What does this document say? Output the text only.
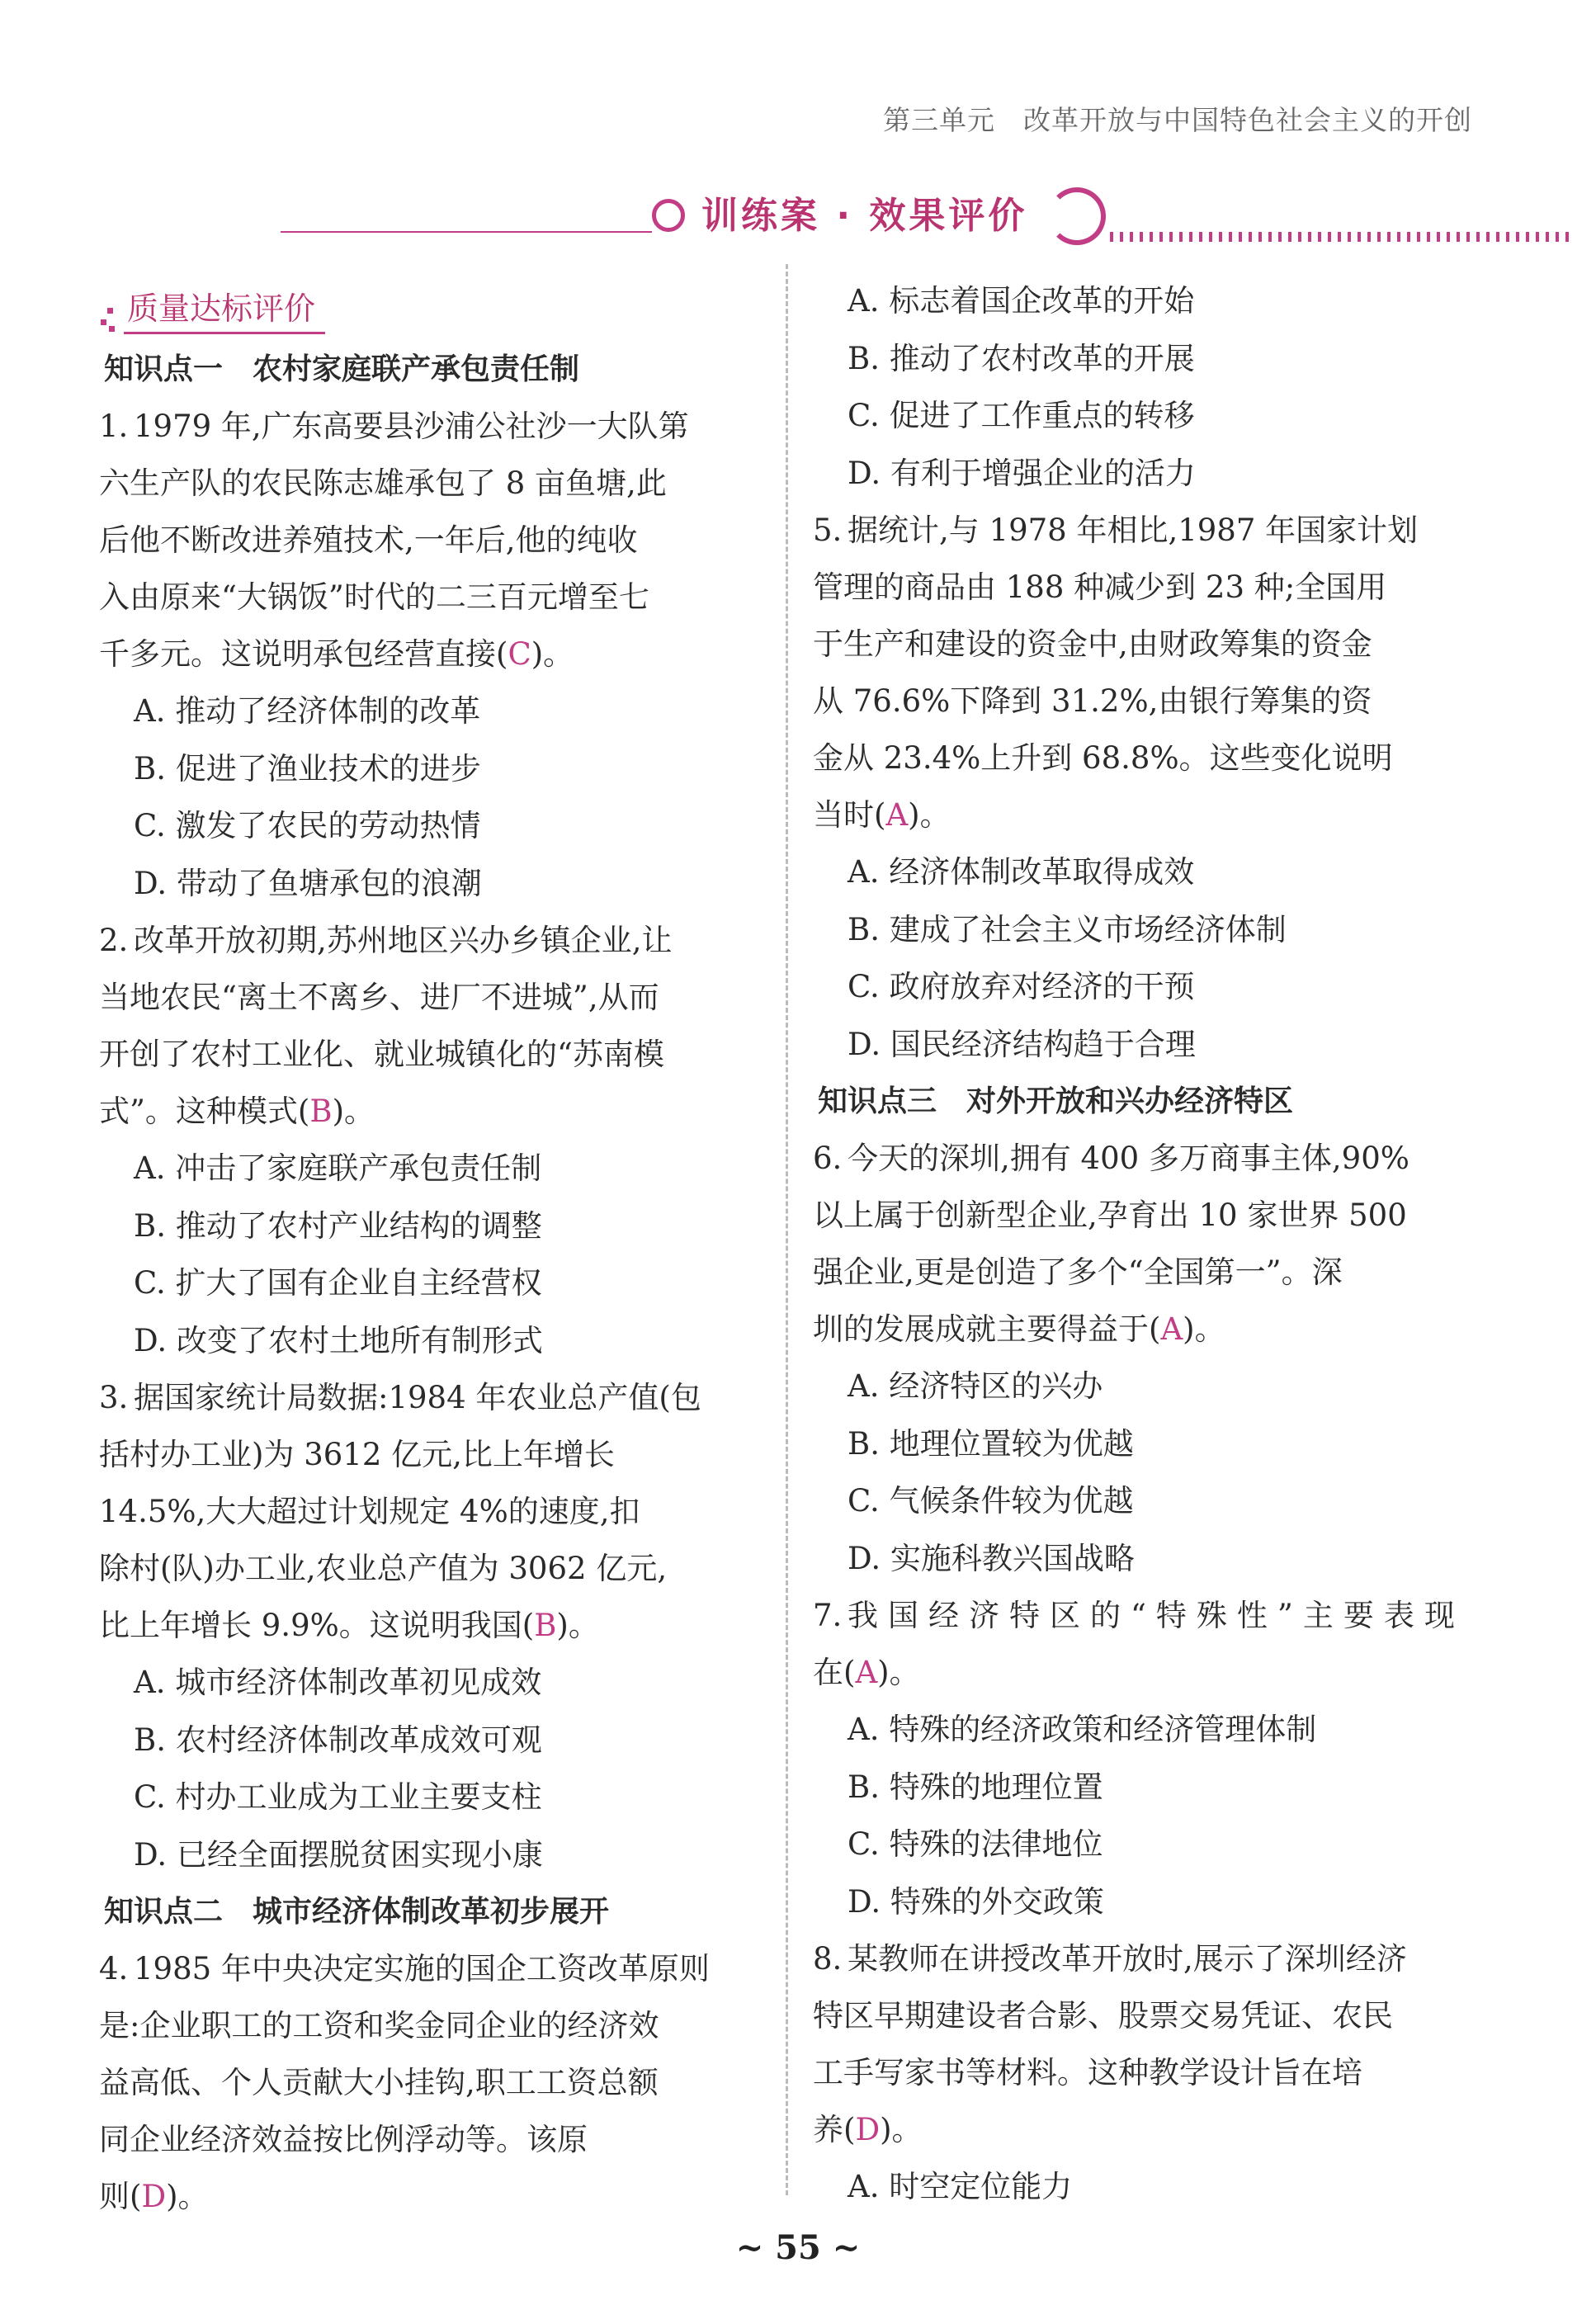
第三单元　改革开放与中国特色社会主义的开创
训练案 · 效果评价
质量达标评价
知识点一　农村家庭联产承包责任制
1. 1979 年,广东高要县沙浦公社沙一大队第
六生产队的农民陈志雄承包了 8 亩鱼塘,此
后他不断改进养殖技术,一年后,他的纯收
入由原来“大锅饭”时代的二三百元增至七
千多元。这说明承包经营直接(C)。
A. 推动了经济体制的改革
B. 促进了渔业技术的进步
C. 激发了农民的劳动热情
D. 带动了鱼塘承包的浪潮
2. 改革开放初期,苏州地区兴办乡镇企业,让
当地农民“离土不离乡、进厂不进城”,从而
开创了农村工业化、就业城镇化的“苏南模
式”。这种模式(B)。
A. 冲击了家庭联产承包责任制
B. 推动了农村产业结构的调整
C. 扩大了国有企业自主经营权
D. 改变了农村土地所有制形式
3. 据国家统计局数据:1984 年农业总产值(包
括村办工业)为 3612 亿元,比上年增长
14.5%,大大超过计划规定 4%的速度,扣
除村(队)办工业,农业总产值为 3062 亿元,
比上年增长 9.9%。这说明我国(B)。
A. 城市经济体制改革初见成效
B. 农村经济体制改革成效可观
C. 村办工业成为工业主要支柱
D. 已经全面摆脱贫困实现小康
知识点二　城市经济体制改革初步展开
4. 1985 年中央决定实施的国企工资改革原则
是:企业职工的工资和奖金同企业的经济效
益高低、个人贡献大小挂钩,职工工资总额
同企业经济效益按比例浮动等。该原
则(D)。
A. 标志着国企改革的开始
B. 推动了农村改革的开展
C. 促进了工作重点的转移
D. 有利于增强企业的活力
5. 据统计,与 1978 年相比,1987 年国家计划
管理的商品由 188 种减少到 23 种;全国用
于生产和建设的资金中,由财政筹集的资金
从 76.6%下降到 31.2%,由银行筹集的资
金从 23.4%上升到 68.8%。这些变化说明
当时(A)。
A. 经济体制改革取得成效
B. 建成了社会主义市场经济体制
C. 政府放弃对经济的干预
D. 国民经济结构趋于合理
知识点三　对外开放和兴办经济特区
6. 今天的深圳,拥有 400 多万商事主体,90%
以上属于创新型企业,孕育出 10 家世界 500
强企业,更是创造了多个“全国第一”。深
圳的发展成就主要得益于(A)。
A. 经济特区的兴办
B. 地理位置较为优越
C. 气候条件较为优越
D. 实施科教兴国战略
7. 我国经济特区的“特殊性”主要表现
在(A)。
A. 特殊的经济政策和经济管理体制
B. 特殊的地理位置
C. 特殊的法律地位
D. 特殊的外交政策
8. 某教师在讲授改革开放时,展示了深圳经济
特区早期建设者合影、股票交易凭证、农民
工手写家书等材料。这种教学设计旨在培
养(D)。
A. 时空定位能力
~ 55 ~
